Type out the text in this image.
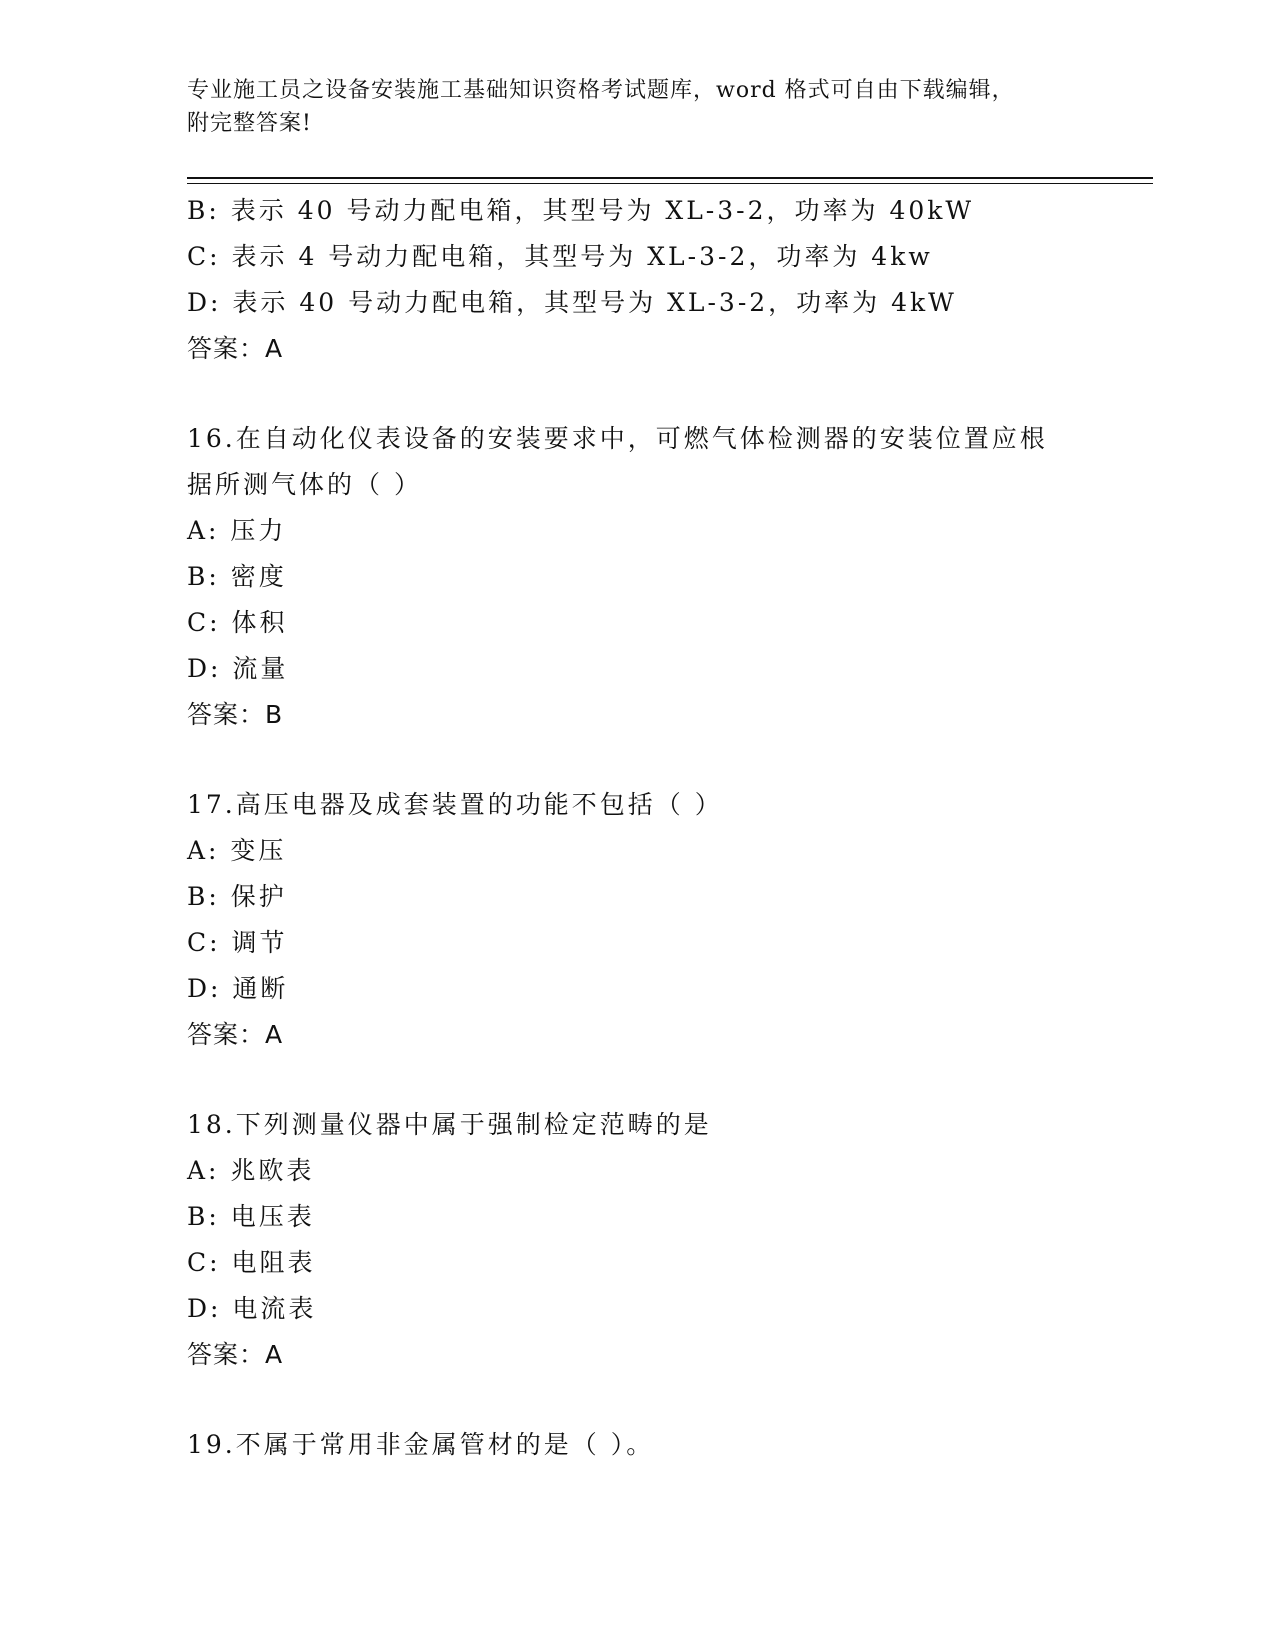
专业施工员之设备安装施工基础知识资格考试题库，word 格式可自由下载编辑，
附完整答案!
B: 表示 40 号动力配电箱，其型号为 XL-3-2，功率为 40kW
C: 表示 4 号动力配电箱，其型号为 XL-3-2，功率为 4kw
D: 表示 40 号动力配电箱，其型号为 XL-3-2，功率为 4kW
答案：A
16.在自动化仪表设备的安装要求中，可燃气体检测器的安装位置应根
据所测气体的（ ）
A: 压力
B: 密度
C: 体积
D: 流量
答案：B
17.高压电器及成套装置的功能不包括（ ）
A: 变压
B: 保护
C: 调节
D: 通断
答案：A
18.下列测量仪器中属于强制检定范畴的是
A: 兆欧表
B: 电压表
C: 电阻表
D: 电流表
答案：A
19.不属于常用非金属管材的是（ ）。
